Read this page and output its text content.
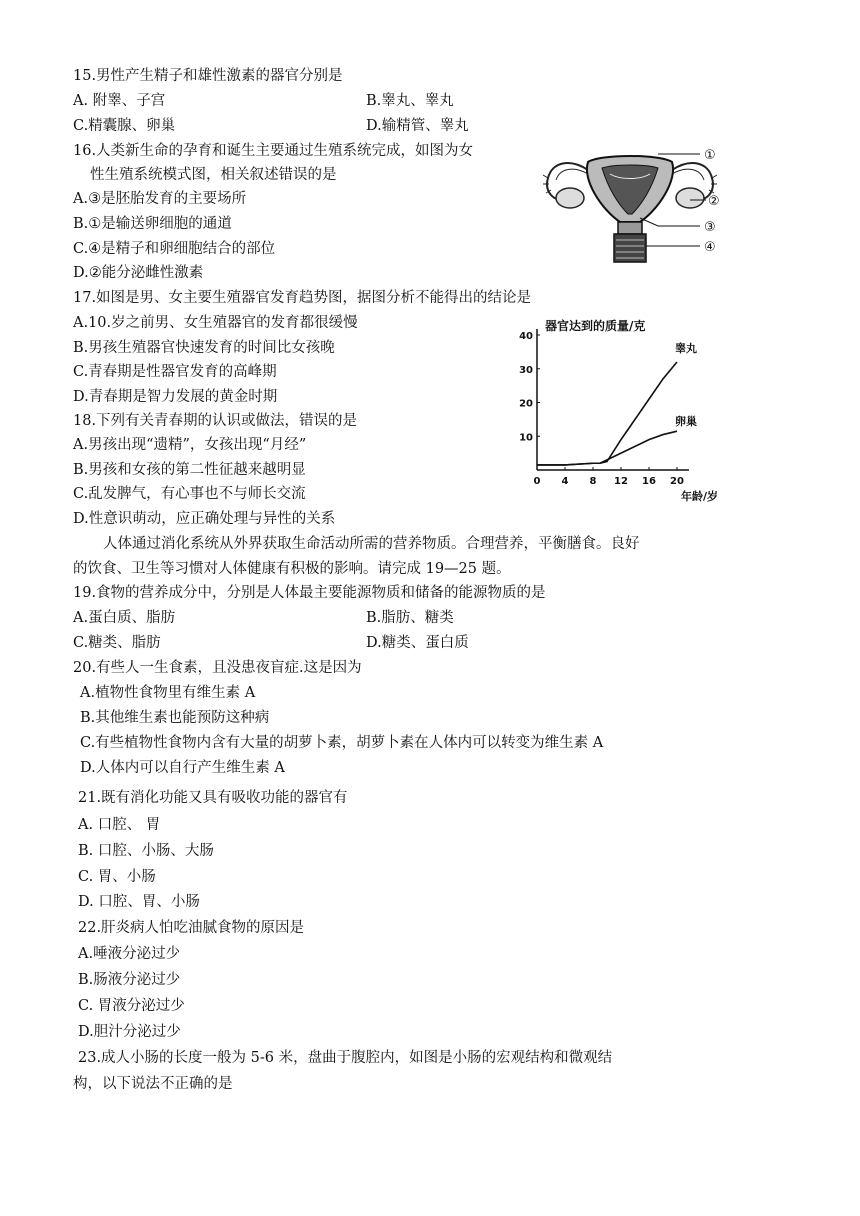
15.男性产生精子和雄性激素的器官分别是
A. 附睾、子宫	B.睾丸、睾丸
C.精囊腺、卵巢	D.输精管、睾丸
16.人类新生命的孕育和诞生主要通过生殖系统完成，如图为女
性生殖系统模式图，相关叙述错误的是
A.③是胚胎发育的主要场所
B.①是输送卵细胞的通道
C.④是精子和卵细胞结合的部位
D.②能分泌雌性激素
①
②
③
④
17.如图是男、女主要生殖器官发育趋势图，据图分析不能得出的结论是
A.10.岁之前男、女生殖器官的发育都很缓慢
B.男孩生殖器官快速发育的时间比女孩晚
C.青春期是性器官发育的高峰期
D.青春期是智力发展的黄金时期
器官达到的质量/克
年龄/岁
0 4 8 12 16 20
10
20
30
40
睾丸
卵巢
18.下列有关青春期的认识或做法，错误的是
A.男孩出现“遗精”，女孩出现“月经”
B.男孩和女孩的第二性征越来越明显
C.乱发脾气，有心事也不与师长交流
D.性意识萌动，应正确处理与异性的关系
人体通过消化系统从外界获取生命活动所需的营养物质。合理营养，平衡膳食。良好
的饮食、卫生等习惯对人体健康有积极的影响。请完成 19—25 题。
19.食物的营养成分中，分别是人体最主要能源物质和储备的能源物质的是
A.蛋白质、脂肪	B.脂肪、糖类
C.糖类、脂肪	D.糖类、蛋白质
20.有些人一生食素，且没患夜盲症.这是因为
A.植物性食物里有维生素 A
B.其他维生素也能预防这种病
C.有些植物性食物内含有大量的胡萝卜素，胡萝卜素在人体内可以转变为维生素 A
D.人体内可以自行产生维生素 A
21.既有消化功能又具有吸收功能的器官有
A. 口腔、 胃
B. 口腔、小肠、大肠
C. 胃、小肠
D. 口腔、胃、小肠
22.肝炎病人怕吃油腻食物的原因是
A.唾液分泌过少
B.肠液分泌过少
C. 胃液分泌过少
D.胆汁分泌过少
23.成人小肠的长度一般为 5-6 米，盘曲于腹腔内，如图是小肠的宏观结构和微观结
构，以下说法不正确的是
